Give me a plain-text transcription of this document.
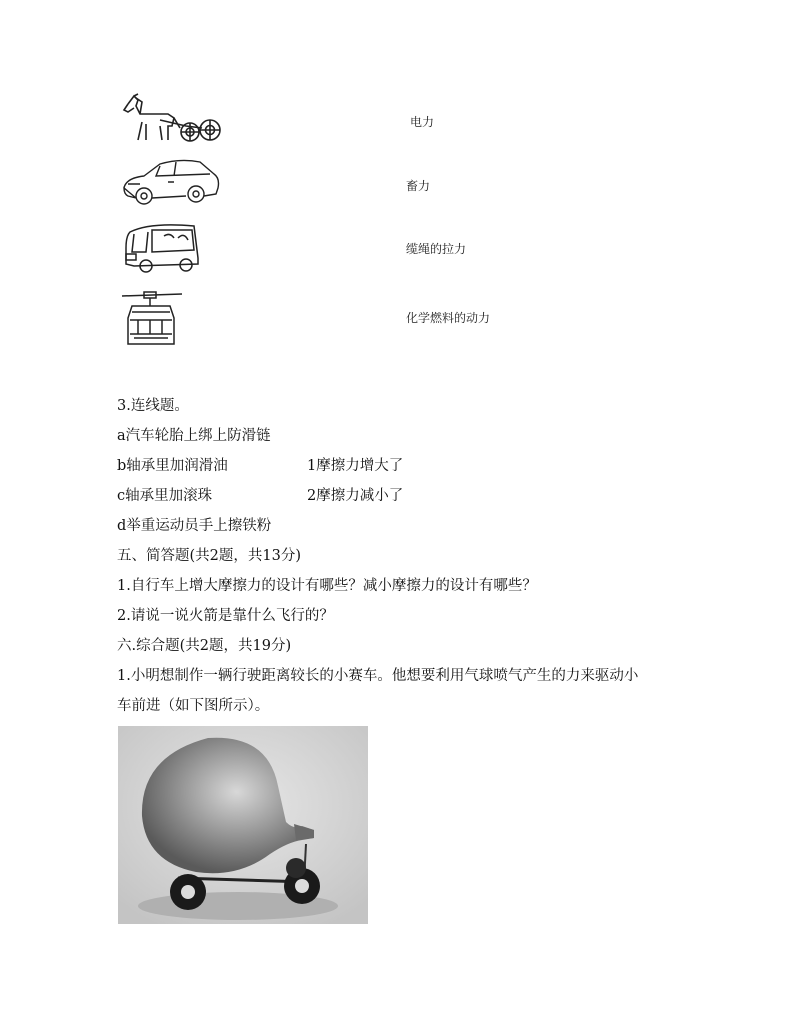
电力
畜力
缆绳的拉力
化学燃料的动力
3.连线题。
a汽车轮胎上绑上防滑链
b轴承里加润滑油	1摩擦力增大了
c轴承里加滚珠	2摩擦力减小了
d举重运动员手上擦铁粉
五、简答题(共2题，共13分)
1.自行车上增大摩擦力的设计有哪些？减小摩擦力的设计有哪些？
2.请说一说火箭是靠什么飞行的？
六.综合题(共2题，共19分)
1.小明想制作一辆行驶距离较长的小赛车。他想要利用气球喷气产生的力来驱动小
车前进（如下图所示）。
